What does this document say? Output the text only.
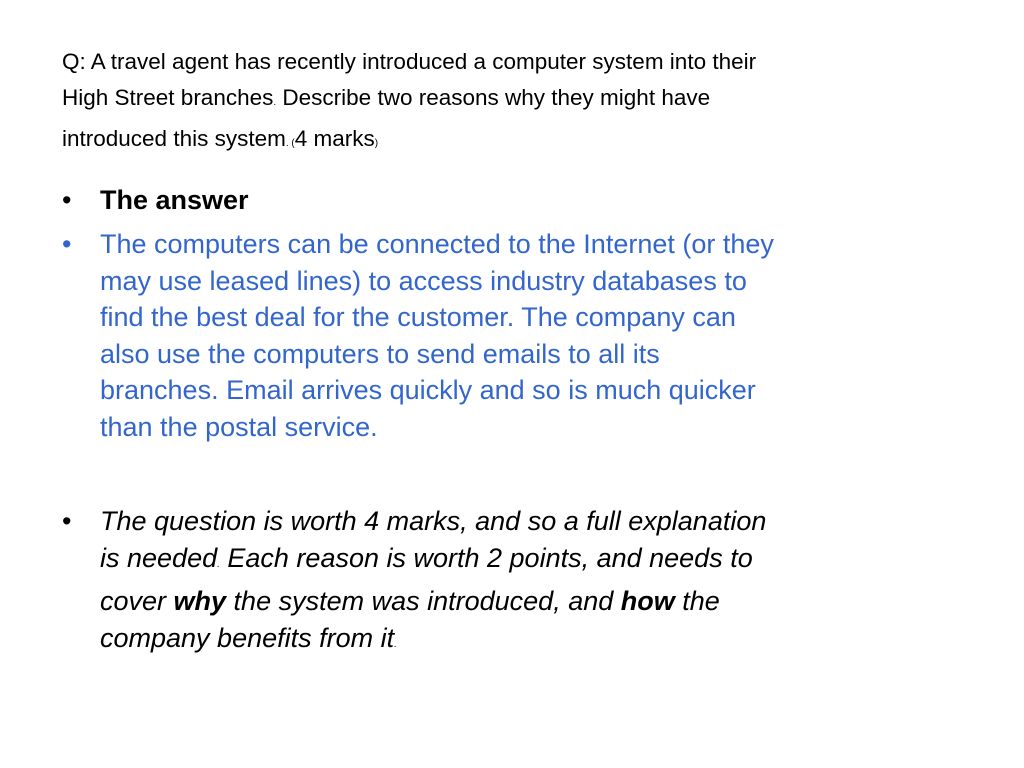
Q: A travel agent has recently introduced a computer system into their
High Street branches. Describe two reasons why they might have
introduced this system. (4 marks)
• The answer
• The computers can be connected to the Internet (or they
may use leased lines) to access industry databases to
find the best deal for the customer. The company can
also use the computers to send emails to all its
branches. Email arrives quickly and so is much quicker
than the postal service.
• The question is worth 4 marks, and so a full explanation
is needed. Each reason is worth 2 points, and needs to
cover why the system was introduced, and how the
company benefits from it.
